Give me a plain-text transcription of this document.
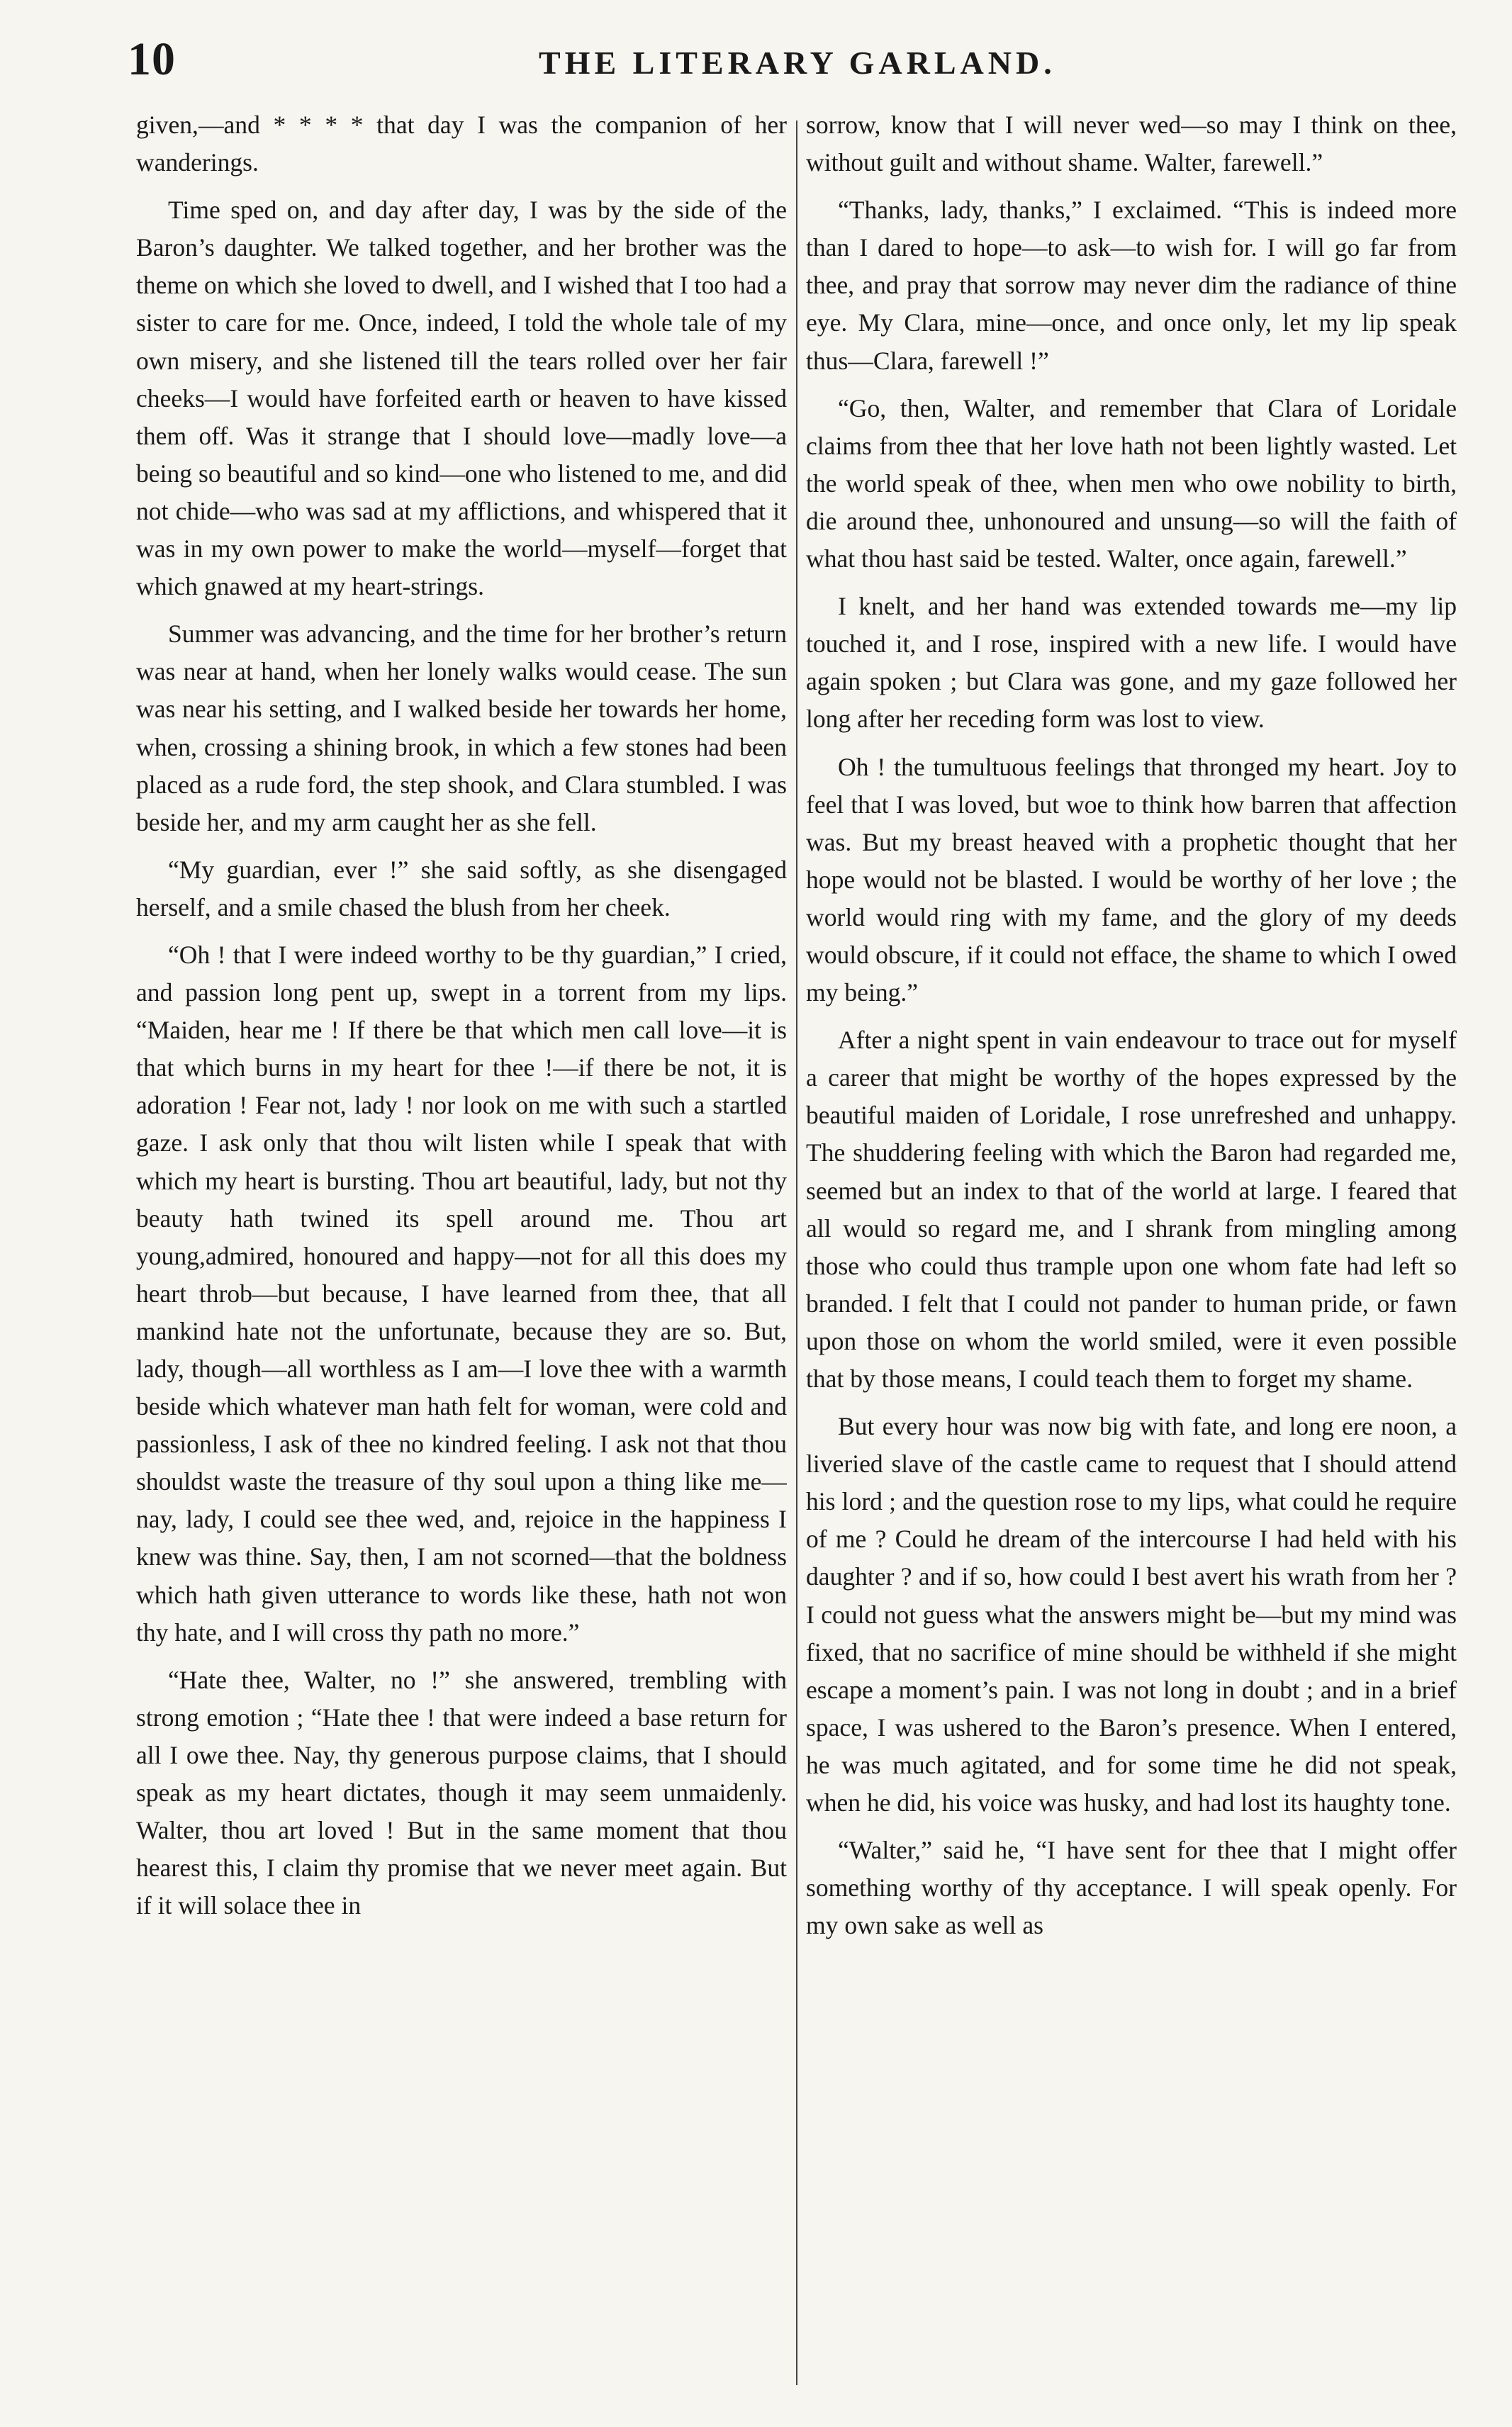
10	THE LITERARY GARLAND.

given,—and * * * * that day I was the companion of her wanderings.

Time sped on, and day after day, I was by the side of the Baron’s daughter. We talked together, and her brother was the theme on which she loved to dwell, and I wished that I too had a sister to care for me. Once, indeed, I told the whole tale of my own misery, and she listened till the tears rolled over her fair cheeks—I would have forfeited earth or heaven to have kissed them off. Was it strange that I should love—madly love—a being so beautiful and so kind—one who listened to me, and did not chide—who was sad at my afflictions, and whispered that it was in my own power to make the world—myself—forget that which gnawed at my heart-strings.

Summer was advancing, and the time for her brother’s return was near at hand, when her lonely walks would cease. The sun was near his setting, and I walked beside her towards her home, when, crossing a shining brook, in which a few stones had been placed as a rude ford, the step shook, and Clara stumbled. I was beside her, and my arm caught her as she fell.

“My guardian, ever !” she said softly, as she disengaged herself, and a smile chased the blush from her cheek.

“Oh ! that I were indeed worthy to be thy guardian,” I cried, and passion long pent up, swept in a torrent from my lips. “Maiden, hear me ! If there be that which men call love—it is that which burns in my heart for thee !—if there be not, it is adoration ! Fear not, lady ! nor look on me with such a startled gaze. I ask only that thou wilt listen while I speak that with which my heart is bursting. Thou art beautiful, lady, but not thy beauty hath twined its spell around me. Thou art young,admired, honoured and happy—not for all this does my heart throb—but because, I have learned from thee, that all mankind hate not the unfortunate, because they are so. But, lady, though—all worthless as I am—I love thee with a warmth beside which whatever man hath felt for woman, were cold and passionless, I ask of thee no kindred feeling. I ask not that thou shouldst waste the treasure of thy soul upon a thing like me—nay, lady, I could see thee wed, and, rejoice in the happiness I knew was thine. Say, then, I am not scorned—that the boldness which hath given utterance to words like these, hath not won thy hate, and I will cross thy path no more.”

“Hate thee, Walter, no !” she answered, trembling with strong emotion ; “Hate thee ! that were indeed a base return for all I owe thee. Nay, thy generous purpose claims, that I should speak as my heart dictates, though it may seem unmaidenly. Walter, thou art loved ! But in the same moment that thou hearest this, I claim thy promise that we never meet again. But if it will solace thee in

sorrow, know that I will never wed—so may I think on thee, without guilt and without shame. Walter, farewell.”

“Thanks, lady, thanks,” I exclaimed. “This is indeed more than I dared to hope—to ask—to wish for. I will go far from thee, and pray that sorrow may never dim the radiance of thine eye. My Clara, mine—once, and once only, let my lip speak thus—Clara, farewell !”

“Go, then, Walter, and remember that Clara of Loridale claims from thee that her love hath not been lightly wasted. Let the world speak of thee, when men who owe nobility to birth, die around thee, unhonoured and unsung—so will the faith of what thou hast said be tested. Walter, once again, farewell.”

I knelt, and her hand was extended towards me—my lip touched it, and I rose, inspired with a new life. I would have again spoken ; but Clara was gone, and my gaze followed her long after her receding form was lost to view.

Oh ! the tumultuous feelings that thronged my heart. Joy to feel that I was loved, but woe to think how barren that affection was. But my breast heaved with a prophetic thought that her hope would not be blasted. I would be worthy of her love ; the world would ring with my fame, and the glory of my deeds would obscure, if it could not efface, the shame to which I owed my being.”

After a night spent in vain endeavour to trace out for myself a career that might be worthy of the hopes expressed by the beautiful maiden of Loridale, I rose unrefreshed and unhappy. The shuddering feeling with which the Baron had regarded me, seemed but an index to that of the world at large. I feared that all would so regard me, and I shrank from mingling among those who could thus trample upon one whom fate had left so branded. I felt that I could not pander to human pride, or fawn upon those on whom the world smiled, were it even possible that by those means, I could teach them to forget my shame.

But every hour was now big with fate, and long ere noon, a liveried slave of the castle came to request that I should attend his lord ; and the question rose to my lips, what could he require of me ? Could he dream of the intercourse I had held with his daughter ? and if so, how could I best avert his wrath from her ? I could not guess what the answers might be—but my mind was fixed, that no sacrifice of mine should be withheld if she might escape a moment’s pain. I was not long in doubt ; and in a brief space, I was ushered to the Baron’s presence. When I entered, he was much agitated, and for some time he did not speak, when he did, his voice was husky, and had lost its haughty tone.

“Walter,” said he, “I have sent for thee that I might offer something worthy of thy acceptance. I will speak openly. For my own sake as well as
